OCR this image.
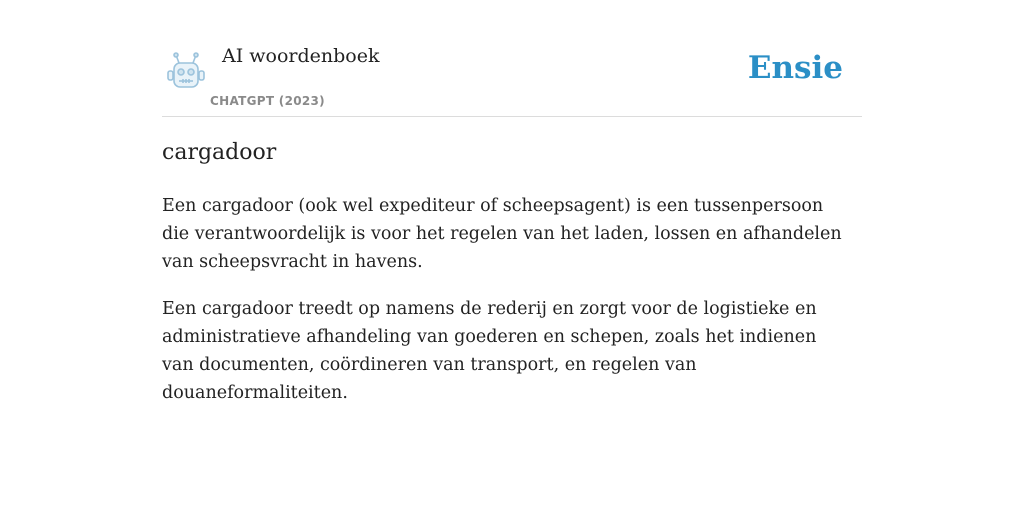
AI woordenboek
CHATGPT (2023)
Ensie
cargadoor

Een cargadoor (ook wel expediteur of scheepsagent) is een tussenpersoon die verantwoordelijk is voor het regelen van het laden, lossen en afhandelen van scheepsvracht in havens.

Een cargadoor treedt op namens de rederij en zorgt voor de logistieke en administratieve afhandeling van goederen en schepen, zoals het indienen van documenten, coördineren van transport, en regelen van douaneformaliteiten.
